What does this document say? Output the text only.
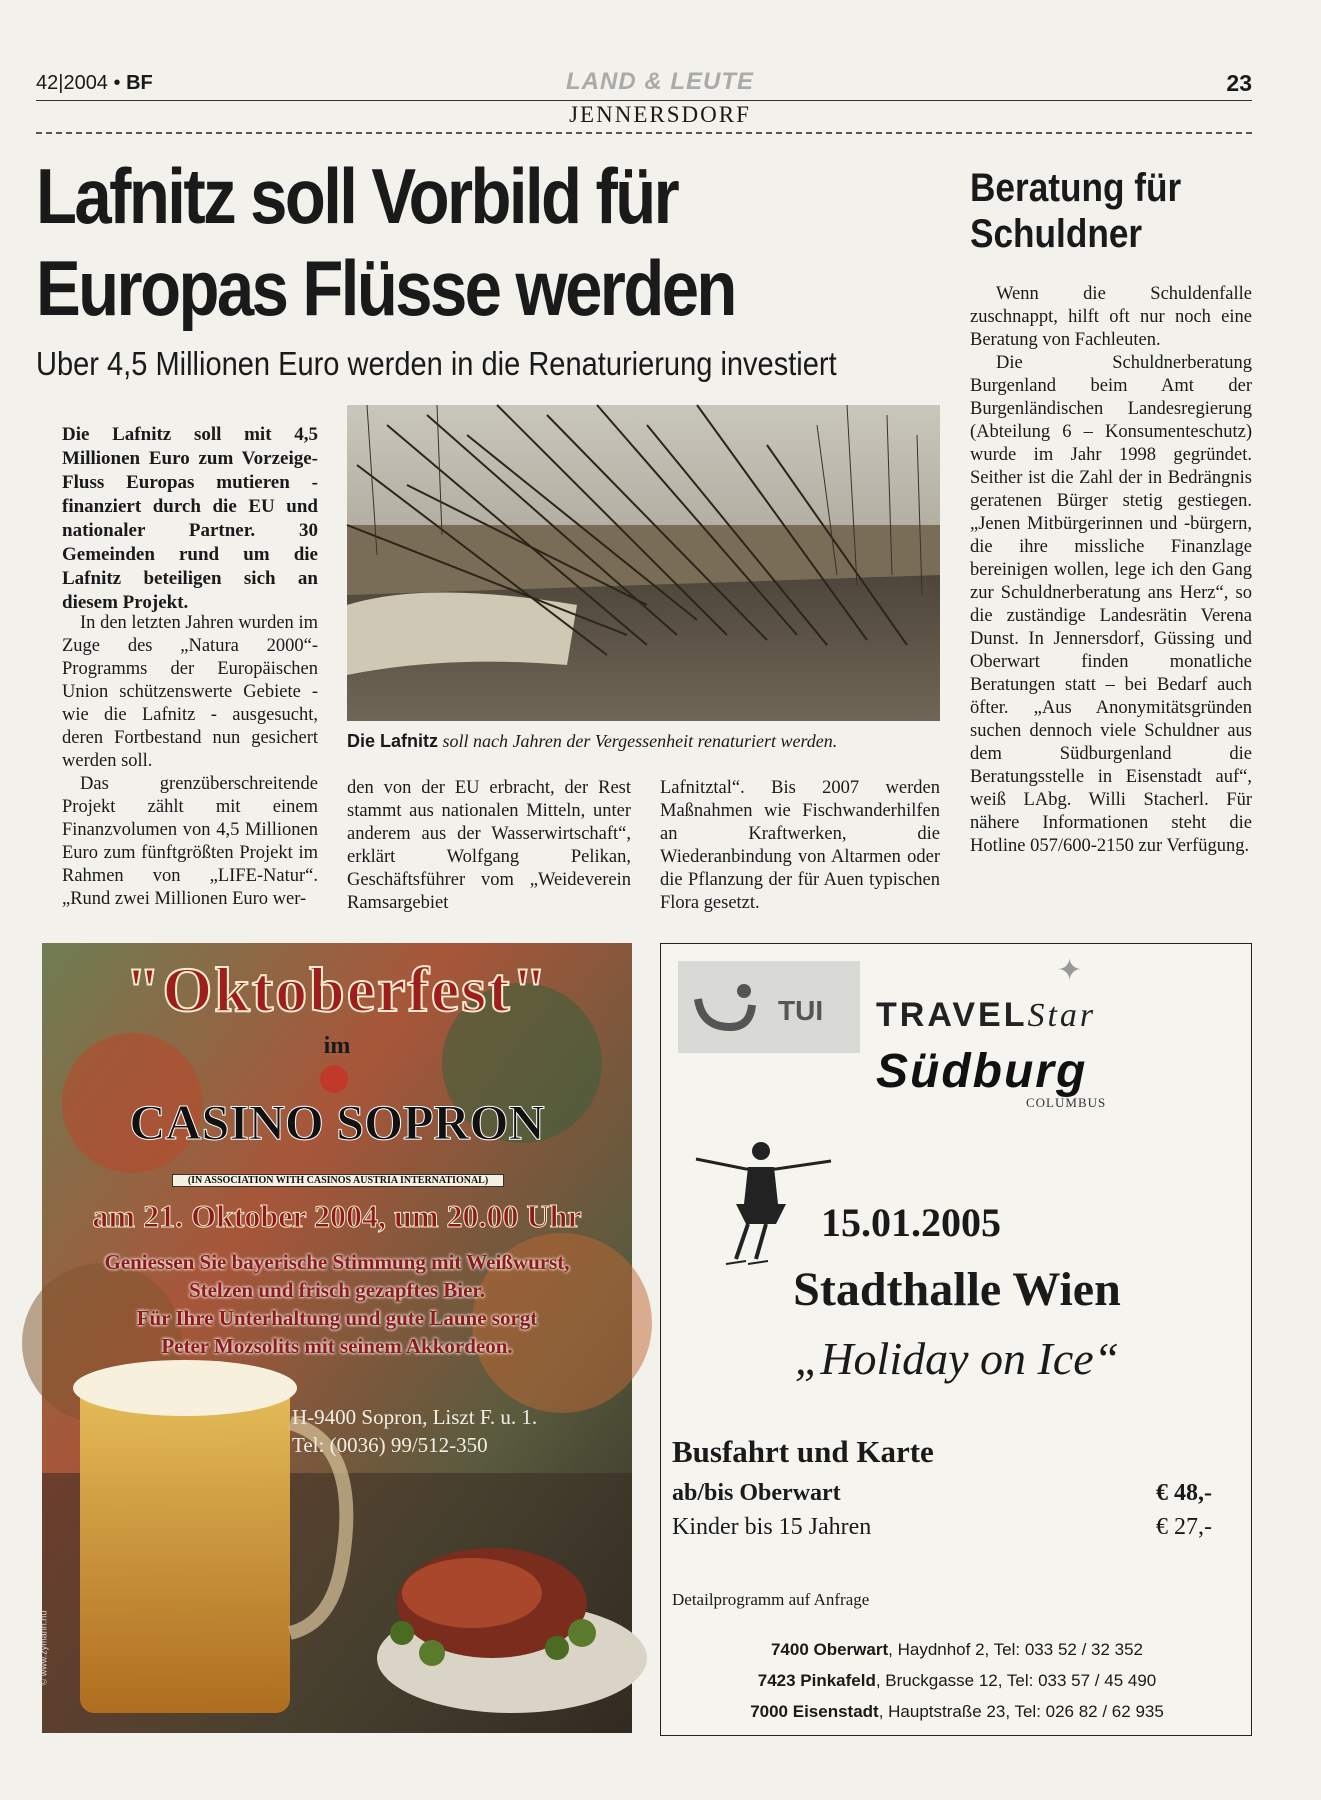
42|2004 • BF	LAND & LEUTE	23
JENNERSDORF
Lafnitz soll Vorbild für
Europas Flüsse werden
Uber 4,5 Millionen Euro werden in die Renaturierung investiert
Die Lafnitz soll mit 4,5 Millionen Euro zum Vorzeige-Fluss Europas mutieren - finanziert durch die EU und nationaler Partner. 30 Gemeinden rund um die Lafnitz beteiligen sich an diesem Projekt.
Die Lafnitz soll nach Jahren der Vergessenheit renaturiert werden.

In den letzten Jahren wurden im Zuge des „Natura 2000“-Programms der Europäischen Union schützenswerte Gebiete - wie die Lafnitz - ausgesucht, deren Fortbestand nun gesichert werden soll.

Das grenzüberschreitende Projekt zählt mit einem Finanzvolumen von 4,5 Millionen Euro zum fünftgrößten Projekt im Rahmen von „LIFE-Natur“. „Rund zwei Millionen Euro wer-

den von der EU erbracht, der Rest stammt aus nationalen Mitteln, unter anderem aus der Wasserwirtschaft“, erklärt Wolfgang Pelikan, Geschäftsführer vom „Weideverein Ramsargebiet

Lafnitztal“. Bis 2007 werden Maßnahmen wie Fischwanderhilfen an Kraftwerken, die Wiederanbindung von Altarmen oder die Pflanzung der für Auen typischen Flora gesetzt.

Beratung für
Schuldner

Wenn die Schuldenfalle zuschnappt, hilft oft nur noch eine Beratung von Fachleuten.

Die Schuldnerberatung Burgenland beim Amt der Burgenländischen Landesregierung (Abteilung 6 – Konsumenteschutz) wurde im Jahr 1998 gegründet. Seither ist die Zahl der in Bedrängnis geratenen Bürger stetig gestiegen. „Jenen Mitbürgerinnen und -bürgern, die ihre missliche Finanzlage bereinigen wollen, lege ich den Gang zur Schuldnerberatung ans Herz“, so die zuständige Landesrätin Verena Dunst. In Jennersdorf, Güssing und Oberwart finden monatliche Beratungen statt – bei Bedarf auch öfter. „Aus Anonymitätsgründen suchen dennoch viele Schuldner aus dem Südburgenland die Beratungsstelle in Eisenstadt auf“, weiß LAbg. Willi Stacherl. Für nähere Informationen steht die Hotline 057/600-2150 zur Verfügung.

"Oktoberfest"
im
CASINO SOPRON
(IN ASSOCIATION WITH CASINOS AUSTRIA INTERNATIONAL)
am 21. Oktober 2004, um 20.00 Uhr
Geniessen Sie bayerische Stimmung mit Weißwurst,
Stelzen und frisch gezapftes Bier.
Für Ihre Unterhaltung und gute Laune sorgt
Peter Mozsolits mit seinem Akkordeon.
H-9400 Sopron, Liszt F. u. 1.
Tel: (0036) 99/512-350
© www.zymann.hu
TUI TRAVELStar
✦
Südburg
COLUMBUS
15.01.2005
Stadthalle Wien
„Holiday on Ice“
Busfahrt und Karte
ab/bis Oberwart	€ 48,-
Kinder bis 15 Jahren	€ 27,-
Detailprogramm auf Anfrage
7400 Oberwart, Haydnhof 2, Tel: 033 52 / 32 352
7423 Pinkafeld, Bruckgasse 12, Tel: 033 57 / 45 490
7000 Eisenstadt, Hauptstraße 23, Tel: 026 82 / 62 935
